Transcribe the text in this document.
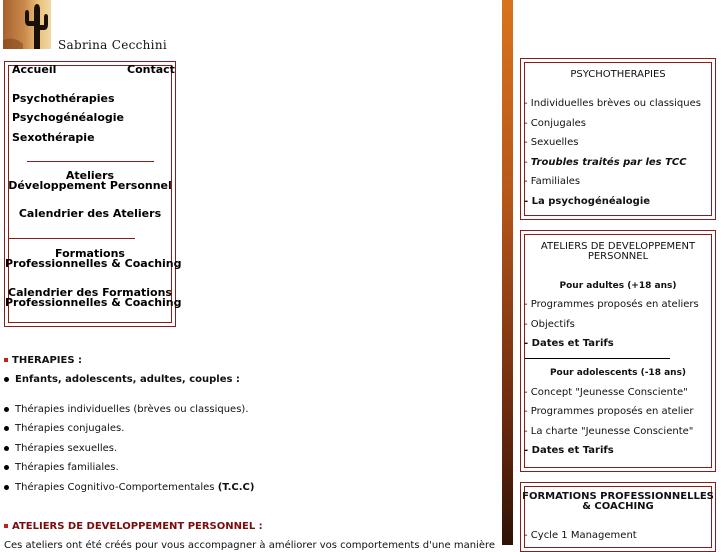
Sabrina Cecchini
Accueil	Contact
Psychothérapies
Psychogénéalogie
Sexothérapie
Ateliers
Développement Personnel
Calendrier des Ateliers
Formations
Professionnelles & Coaching
Calendrier des Formations
Professionnelles & Coaching
THERAPIES :
Enfants, adolescents, adultes, couples :
Thérapies individuelles (brèves ou classiques).
Thérapies conjugales.
Thérapies sexuelles.
Thérapies familiales.
Thérapies Cognitivo-Comportementales (T.C.C)
ATELIERS DE DEVELOPPEMENT PERSONNEL :
Ces ateliers ont été créés pour vous accompagner à améliorer vos comportements d'une manière
PSYCHOTHERAPIES
- Individuelles brèves ou classiques
- Conjugales
- Sexuelles
- Troubles traités par les TCC
- Familiales
- La psychogénéalogie
ATELIERS DE DEVELOPPEMENT
PERSONNEL
Pour adultes (+18 ans)
- Programmes proposés en ateliers
- Objectifs
- Dates et Tarifs
Pour adolescents (-18 ans)
- Concept "Jeunesse Consciente"
- Programmes proposés en atelier
- La charte "Jeunesse Consciente"
- Dates et Tarifs
FORMATIONS PROFESSIONNELLES
& COACHING
- Cycle 1 Management
